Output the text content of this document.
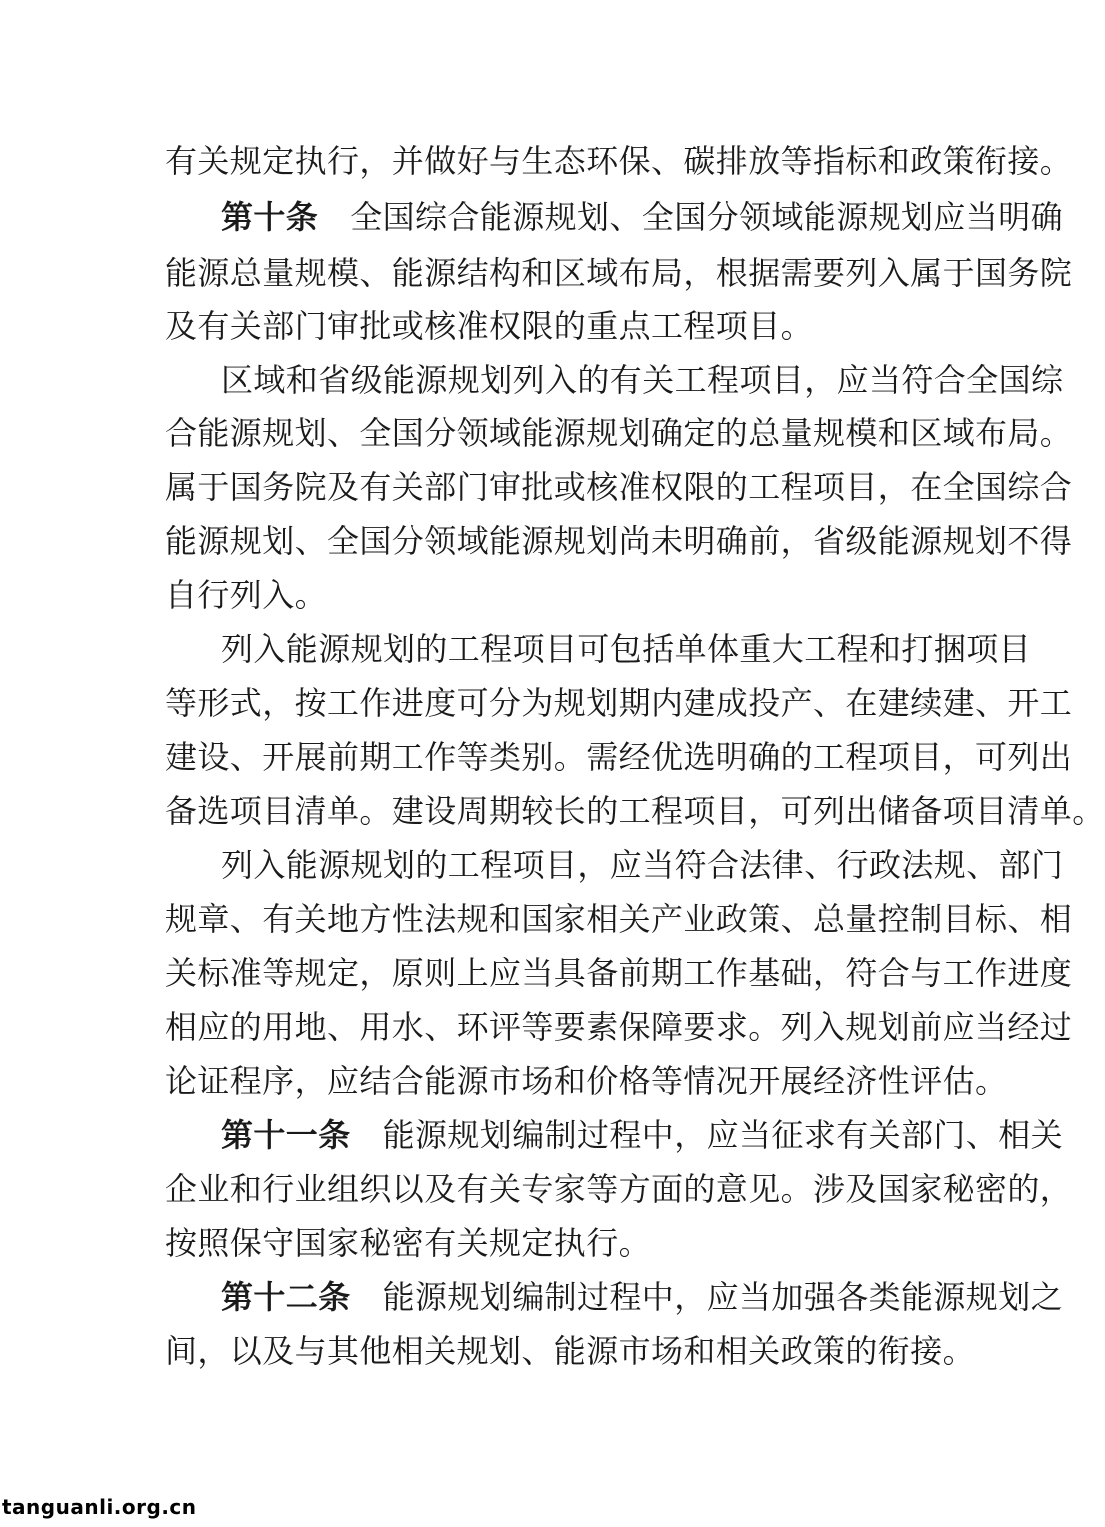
有关规定执行，并做好与生态环保、碳排放等指标和政策衔接。
第十条 全国综合能源规划、全国分领域能源规划应当明确
能源总量规模、能源结构和区域布局，根据需要列入属于国务院
及有关部门审批或核准权限的重点工程项目。
区域和省级能源规划列入的有关工程项目，应当符合全国综
合能源规划、全国分领域能源规划确定的总量规模和区域布局。
属于国务院及有关部门审批或核准权限的工程项目，在全国综合
能源规划、全国分领域能源规划尚未明确前，省级能源规划不得
自行列入。
列入能源规划的工程项目可包括单体重大工程和打捆项目
等形式，按工作进度可分为规划期内建成投产、在建续建、开工
建设、开展前期工作等类别。需经优选明确的工程项目，可列出
备选项目清单。建设周期较长的工程项目，可列出储备项目清单。
列入能源规划的工程项目，应当符合法律、行政法规、部门
规章、有关地方性法规和国家相关产业政策、总量控制目标、相
关标准等规定，原则上应当具备前期工作基础，符合与工作进度
相应的用地、用水、环评等要素保障要求。列入规划前应当经过
论证程序，应结合能源市场和价格等情况开展经济性评估。
第十一条 能源规划编制过程中，应当征求有关部门、相关
企业和行业组织以及有关专家等方面的意见。涉及国家秘密的，
按照保守国家秘密有关规定执行。
第十二条 能源规划编制过程中，应当加强各类能源规划之
间，以及与其他相关规划、能源市场和相关政策的衔接。
tanguanli.org.cn
